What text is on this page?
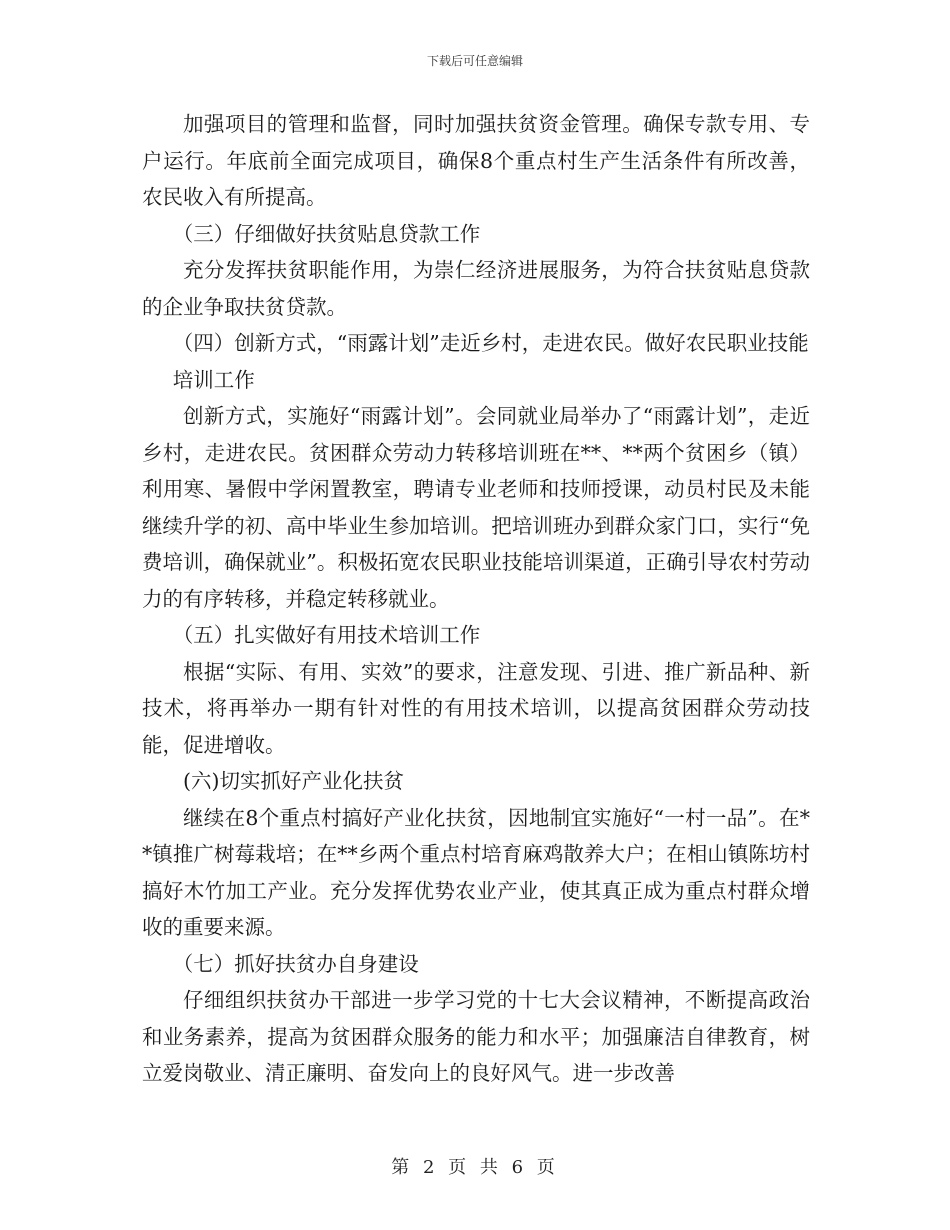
下载后可任意编辑

加强项目的管理和监督，同时加强扶贫资金管理。确保专款专用、专户运行。年底前全面完成项目，确保8个重点村生产生活条件有所改善，农民收入有所提高。

（三）仔细做好扶贫贴息贷款工作

充分发挥扶贫职能作用，为崇仁经济进展服务，为符合扶贫贴息贷款的企业争取扶贫贷款。

（四）创新方式，“雨露计划”走近乡村，走进农民。做好农民职业技能培训工作

创新方式，实施好“雨露计划”。会同就业局举办了“雨露计划”，走近乡村，走进农民。贫困群众劳动力转移培训班在**、**两个贫困乡（镇）利用寒、暑假中学闲置教室，聘请专业老师和技师授课，动员村民及未能继续升学的初、高中毕业生参加培训。把培训班办到群众家门口，实行“免费培训，确保就业”。积极拓宽农民职业技能培训渠道，正确引导农村劳动力的有序转移，并稳定转移就业。

（五）扎实做好有用技术培训工作

根据“实际、有用、实效”的要求，注意发现、引进、推广新品种、新技术，将再举办一期有针对性的有用技术培训，以提高贫困群众劳动技能，促进增收。

(六)切实抓好产业化扶贫

继续在8个重点村搞好产业化扶贫，因地制宜实施好“一村一品”。在**镇推广树莓栽培；在**乡两个重点村培育麻鸡散养大户；在相山镇陈坊村搞好木竹加工产业。充分发挥优势农业产业，使其真正成为重点村群众增收的重要来源。

（七）抓好扶贫办自身建设

仔细组织扶贫办干部进一步学习党的十七大会议精神，不断提高政治和业务素养，提高为贫困群众服务的能力和水平；加强廉洁自律教育，树立爱岗敬业、清正廉明、奋发向上的良好风气。进一步改善

第 2 页 共 6 页
